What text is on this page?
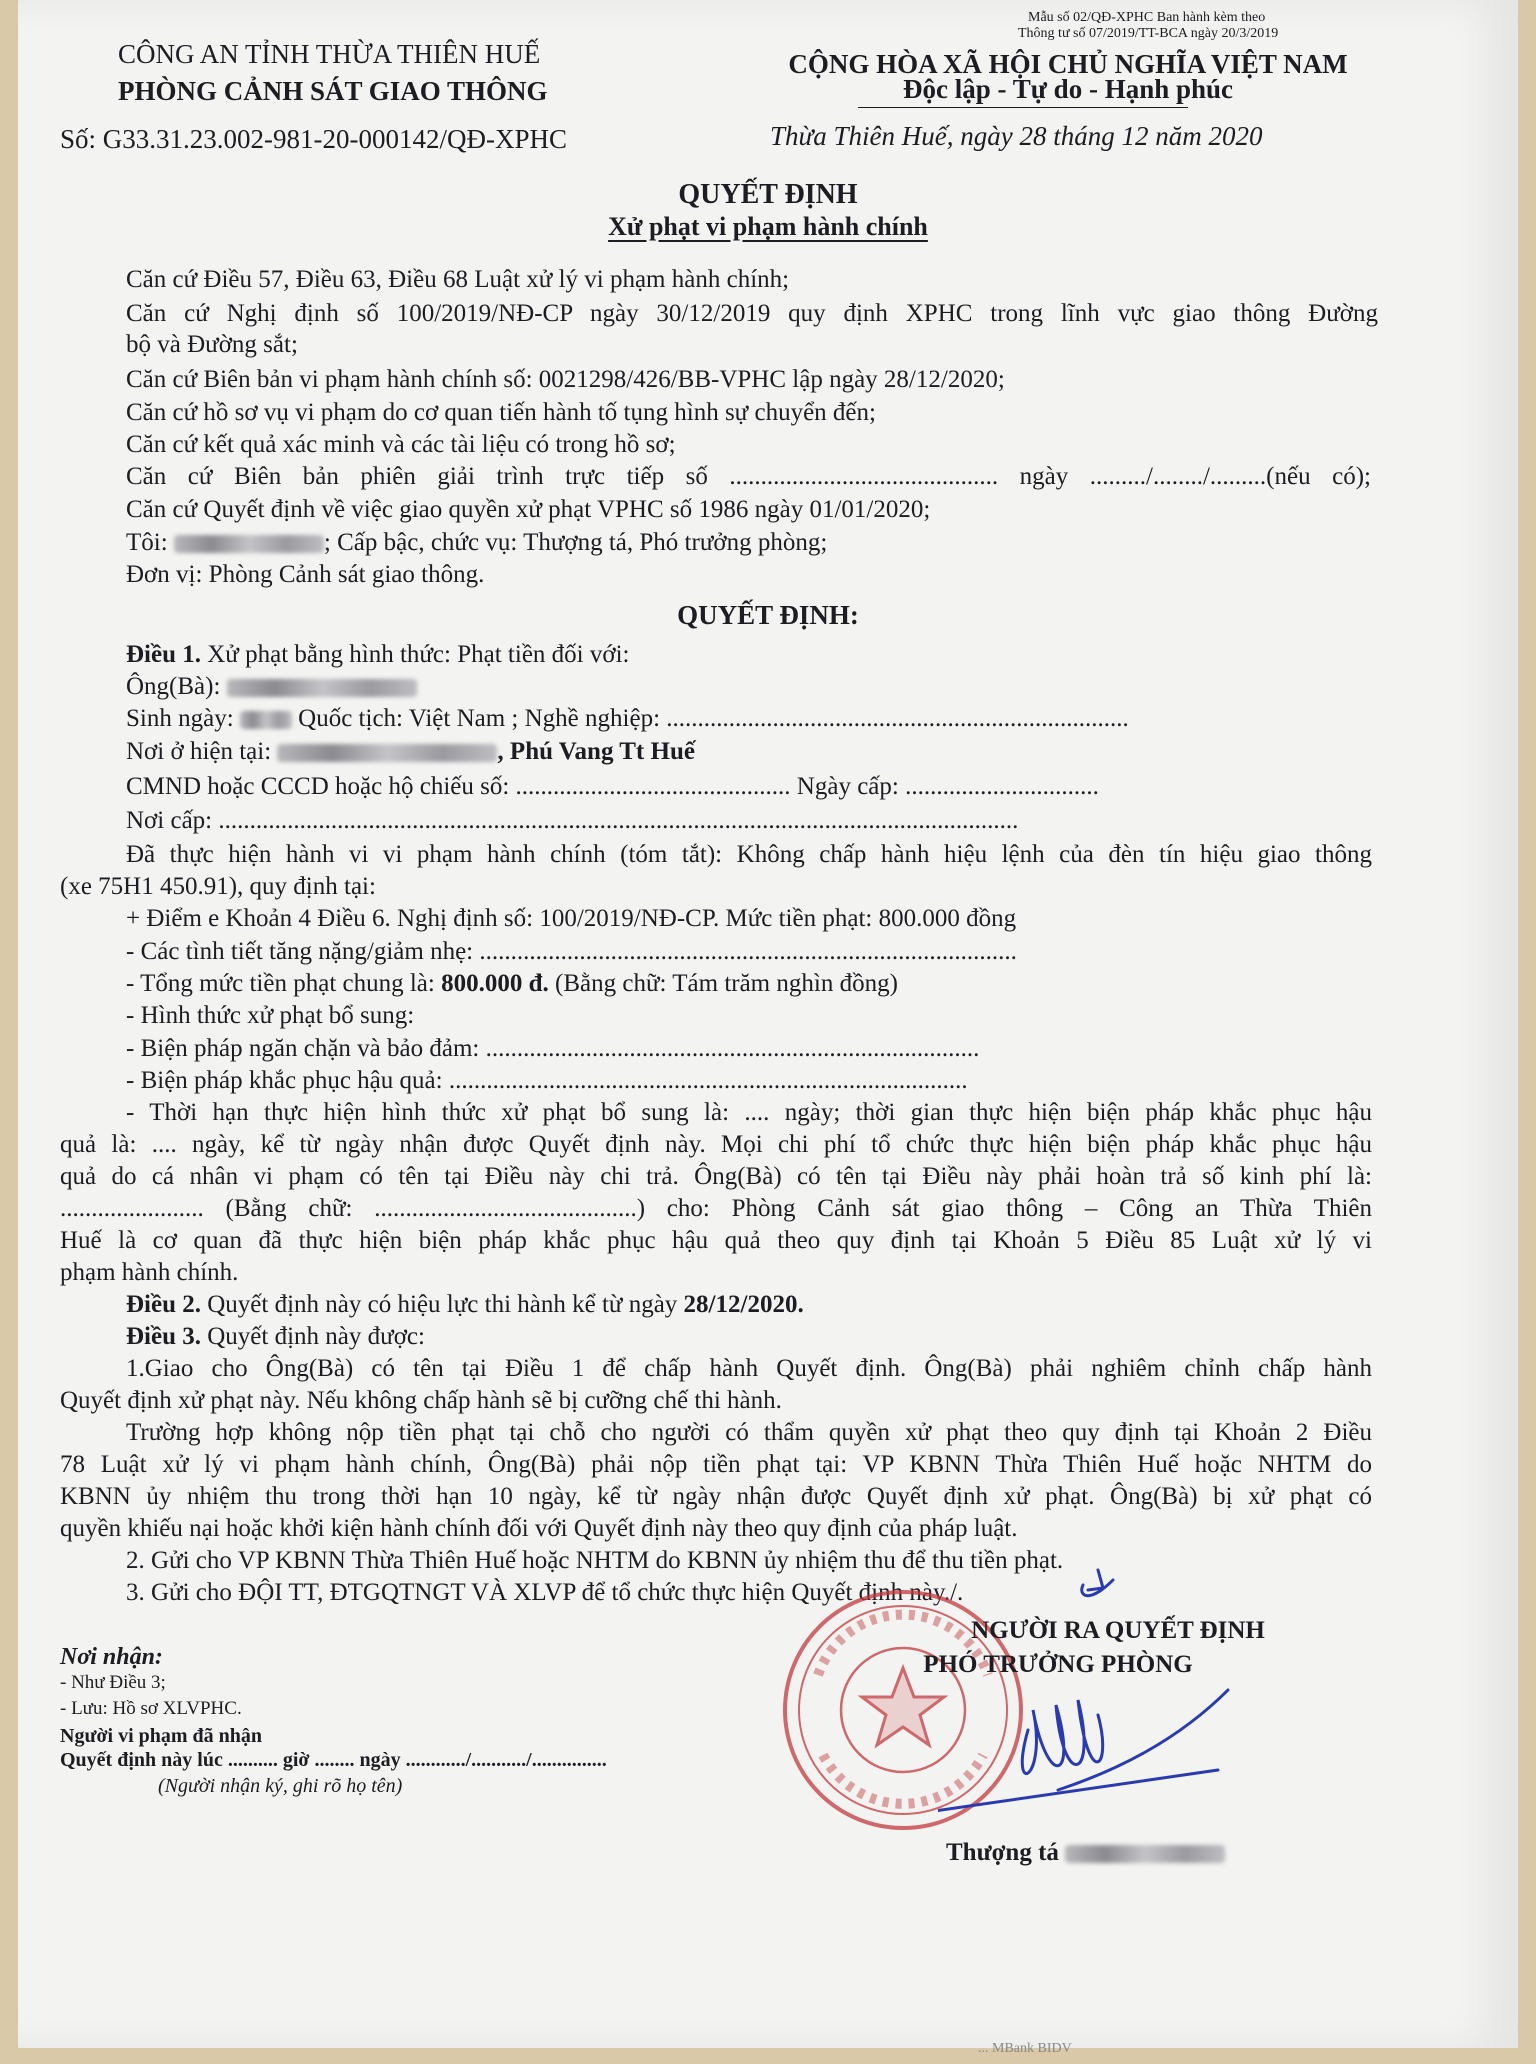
Mẫu số 02/QĐ-XPHC Ban hành kèm theo
Thông tư số 07/2019/TT-BCA ngày 20/3/2019
CÔNG AN TỈNH THỪA THIÊN HUẾ
PHÒNG CẢNH SÁT GIAO THÔNG
Số: G33.31.23.002-981-20-000142/QĐ-XPHC
CỘNG HÒA XÃ HỘI CHỦ NGHĨA VIỆT NAM
Độc lập - Tự do - Hạnh phúc
Thừa Thiên Huế, ngày 28 tháng 12 năm 2020
QUYẾT ĐỊNH
Xử phạt vi phạm hành chính
Căn cứ Điều 57, Điều 63, Điều 68 Luật xử lý vi phạm hành chính;
Căn cứ Nghị định số 100/2019/NĐ-CP ngày 30/12/2019 quy định XPHC trong lĩnh vực giao thông Đường
bộ và Đường sắt;
Căn cứ Biên bản vi phạm hành chính số: 0021298/426/BB-VPHC lập ngày 28/12/2020;
Căn cứ hồ sơ vụ vi phạm do cơ quan tiến hành tố tụng hình sự chuyển đến;
Căn cứ kết quả xác minh và các tài liệu có trong hồ sơ;
Căn cứ Biên bản phiên giải trình trực tiếp số ........................................... ngày ........./......../.........(nếu có);
Căn cứ Quyết định về việc giao quyền xử phạt VPHC số 1986 ngày 01/01/2020;
Tôi:	; Cấp bậc, chức vụ: Thượng tá, Phó trưởng phòng;
Đơn vị: Phòng Cảnh sát giao thông.
QUYẾT ĐỊNH:
Điều 1. Xử phạt bằng hình thức: Phạt tiền đối với:
Ông(Bà):
Sinh ngày:	Quốc tịch: Việt Nam ; Nghề nghiệp: ..........................................................................
Nơi ở hiện tại:	, Phú Vang Tt Huế
CMND hoặc CCCD hoặc hộ chiếu số: ............................................ Ngày cấp: ...............................
Nơi cấp: ................................................................................................................................
Đã thực hiện hành vi vi phạm hành chính (tóm tắt): Không chấp hành hiệu lệnh của đèn tín hiệu giao thông
(xe 75H1 450.91), quy định tại:
+ Điểm e Khoản 4 Điều 6. Nghị định số: 100/2019/NĐ-CP. Mức tiền phạt: 800.000 đồng
- Các tình tiết tăng nặng/giảm nhẹ: ......................................................................................
- Tổng mức tiền phạt chung là: 800.000 đ. (Bằng chữ: Tám trăm nghìn đồng)
- Hình thức xử phạt bổ sung:
- Biện pháp ngăn chặn và bảo đảm: ...............................................................................
- Biện pháp khắc phục hậu quả: ...................................................................................
- Thời hạn thực hiện hình thức xử phạt bổ sung là: .... ngày; thời gian thực hiện biện pháp khắc phục hậu
quả là: .... ngày, kể từ ngày nhận được Quyết định này. Mọi chi phí tổ chức thực hiện biện pháp khắc phục hậu
quả do cá nhân vi phạm có tên tại Điều này chi trả. Ông(Bà) có tên tại Điều này phải hoàn trả số kinh phí là:
....................... (Bằng chữ: ..........................................) cho: Phòng Cảnh sát giao thông – Công an Thừa Thiên
Huế là cơ quan đã thực hiện biện pháp khắc phục hậu quả theo quy định tại Khoản 5 Điều 85 Luật xử lý vi
phạm hành chính.
Điều 2. Quyết định này có hiệu lực thi hành kể từ ngày 28/12/2020.
Điều 3. Quyết định này được:
1.Giao cho Ông(Bà) có tên tại Điều 1 để chấp hành Quyết định. Ông(Bà) phải nghiêm chỉnh chấp hành
Quyết định xử phạt này. Nếu không chấp hành sẽ bị cưỡng chế thi hành.
Trường hợp không nộp tiền phạt tại chỗ cho người có thẩm quyền xử phạt theo quy định tại Khoản 2 Điều
78 Luật xử lý vi phạm hành chính, Ông(Bà) phải nộp tiền phạt tại: VP KBNN Thừa Thiên Huế hoặc NHTM do
KBNN ủy nhiệm thu trong thời hạn 10 ngày, kể từ ngày nhận được Quyết định xử phạt. Ông(Bà) bị xử phạt có
quyền khiếu nại hoặc khởi kiện hành chính đối với Quyết định này theo quy định của pháp luật.
2. Gửi cho VP KBNN Thừa Thiên Huế hoặc NHTM do KBNN ủy nhiệm thu để thu tiền phạt.
3. Gửi cho ĐỘI TT, ĐTGQTNGT VÀ XLVP để tổ chức thực hiện Quyết định này./.
Nơi nhận:
- Như Điều 3;
- Lưu: Hồ sơ XLVPHC.
Người vi phạm đã nhận
Quyết định này lúc .......... giờ ........ ngày ............/.........../...............
(Người nhận ký, ghi rõ họ tên)
NGƯỜI RA QUYẾT ĐỊNH
PHÓ TRƯỞNG PHÒNG
Thượng tá
... MBank BIDV
